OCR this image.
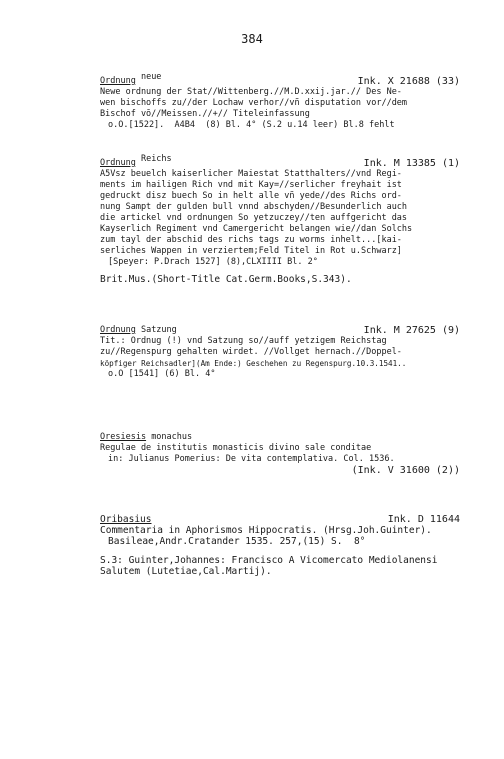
384
Ordnung neue	Ink. X 21688 (33)
Newe ordnung der Stat//Wittenberg.//M.D.xxij.jar.// Des Ne-
wen bischoffs zu//der Lochaw verhor//vñ disputation vor//dem
Bischof vō//Meissen.//+// Titeleinfassung
o.O.[1522].  A4B4  (8) Bl. 4° (S.2 u.14 leer) Bl.8 fehlt
Ordnung Reichs	Ink. M 13385 (1)
A5Vsz beuelch kaiserlicher Maiestat Statthalters//vnd Regi-
ments im hailigen Rich vnd mit Kay=//serlicher freyhait ist
gedruckt disz buech So in helt alle vñ yede//des Richs ord-
nung Sampt der gulden bull vnnd abschyden//Besunderlich auch
die artickel vnd ordnungen So yetzuczey//ten auffgericht das
Kayserlich Regiment vnd Camergericht belangen wie//dan Solchs
zum tayl der abschid des richs tags zu worms inhelt...[kai-
serliches Wappen in verziertem;Feld Titel in Rot u.Schwarz]
[Speyer: P.Drach 1527] (8),CLXIIII Bl. 2°
Brit.Mus.(Short-Title Cat.Germ.Books,S.343).
Ordnung Satzung	Ink. M 27625 (9)
Tit.: Ordnug (!) vnd Satzung so//auff yetzigem Reichstag
zu//Regenspurg gehalten wirdet. //Vollget hernach.//Doppel-
köpfiger Reichsadler](Am Ende:) Geschehen zu Regenspurg.10.3.1541..
o.O [1541] (6) Bl. 4°
Oresiesis monachus
Regulae de institutis monasticis divino sale conditae
in: Julianus Pomerius: De vita contemplativa. Col. 1536.
(Ink. V 31600 (2))
Oribasius	Ink. D 11644
Commentaria in Aphorismos Hippocratis. (Hrsg.Joh.Guinter).
Basileae,Andr.Cratander 1535. 257,(15) S.  8°
S.3: Guinter,Johannes: Francisco A Vicomercato Mediolanensi
Salutem (Lutetiae,Cal.Martij).
